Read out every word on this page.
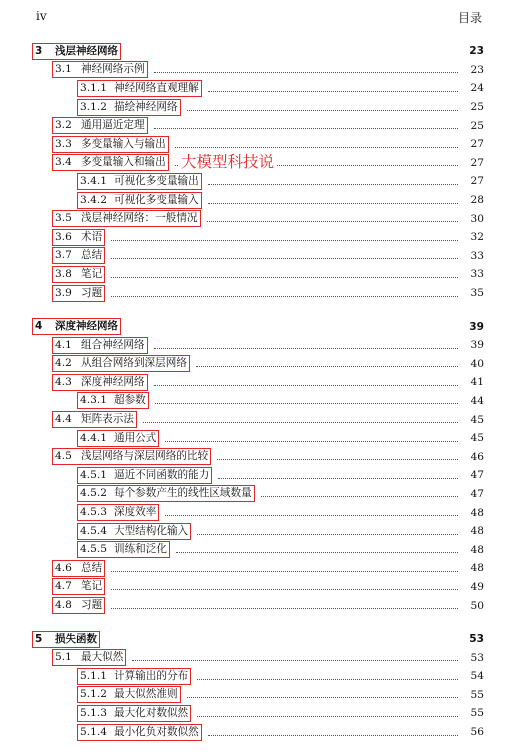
iv	目录
3	浅层神经网络	23
3.1 神经网络示例	23
3.1.1 神经网络直观理解	24
3.1.2 描绘神经网络	25
3.2 通用逼近定理	25
3.3 多变量输入与输出	27
3.4 多变量输入和输出	27
3.4.1 可视化多变量输出	27
3.4.2 可视化多变量输入	28
3.5 浅层神经网络：一般情况	30
3.6 术语	32
3.7 总结	33
3.8 笔记	33
3.9 习题	35
4	深度神经网络	39
4.1 组合神经网络	39
4.2 从组合网络到深层网络	40
4.3 深度神经网络	41
4.3.1 超参数	44
4.4 矩阵表示法	45
4.4.1 通用公式	45
4.5 浅层网络与深层网络的比较	46
4.5.1 逼近不同函数的能力	47
4.5.2 每个参数产生的线性区域数量	47
4.5.3 深度效率	48
4.5.4 大型结构化输入	48
4.5.5 训练和泛化	48
4.6 总结	48
4.7 笔记	49
4.8 习题	50
5	损失函数	53
5.1 最大似然	53
5.1.1 计算输出的分布	54
5.1.2 最大似然准则	55
5.1.3 最大化对数似然	55
5.1.4 最小化负对数似然	56
大模型科技说
